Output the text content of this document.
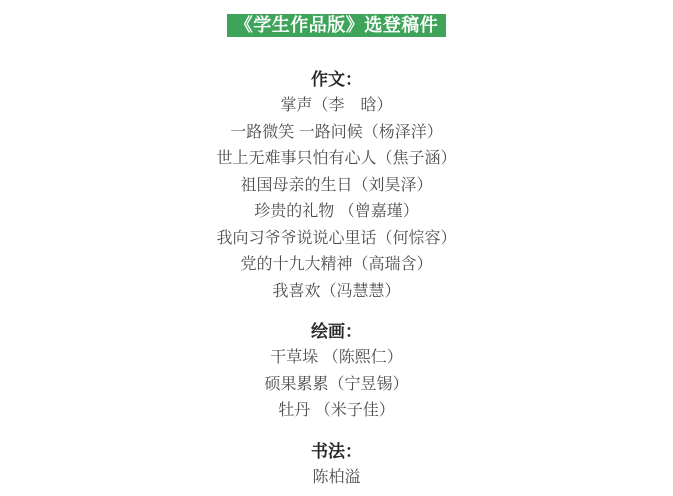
《学生作品版》选登稿件
作文：
掌声（李　晗）
一路微笑 一路问候（杨泽洋）
世上无难事只怕有心人（焦子涵）
祖国母亲的生日（刘昊泽）
珍贵的礼物 （曾嘉瑾）
我向习爷爷说说心里话（何悰容）
党的十九大精神（高瑞含）
我喜欢（冯慧慧）
绘画：
干草垛 （陈熙仁）
硕果累累（宁昱锡）
牡丹 （米子佳）
书法：
陈柏溢
